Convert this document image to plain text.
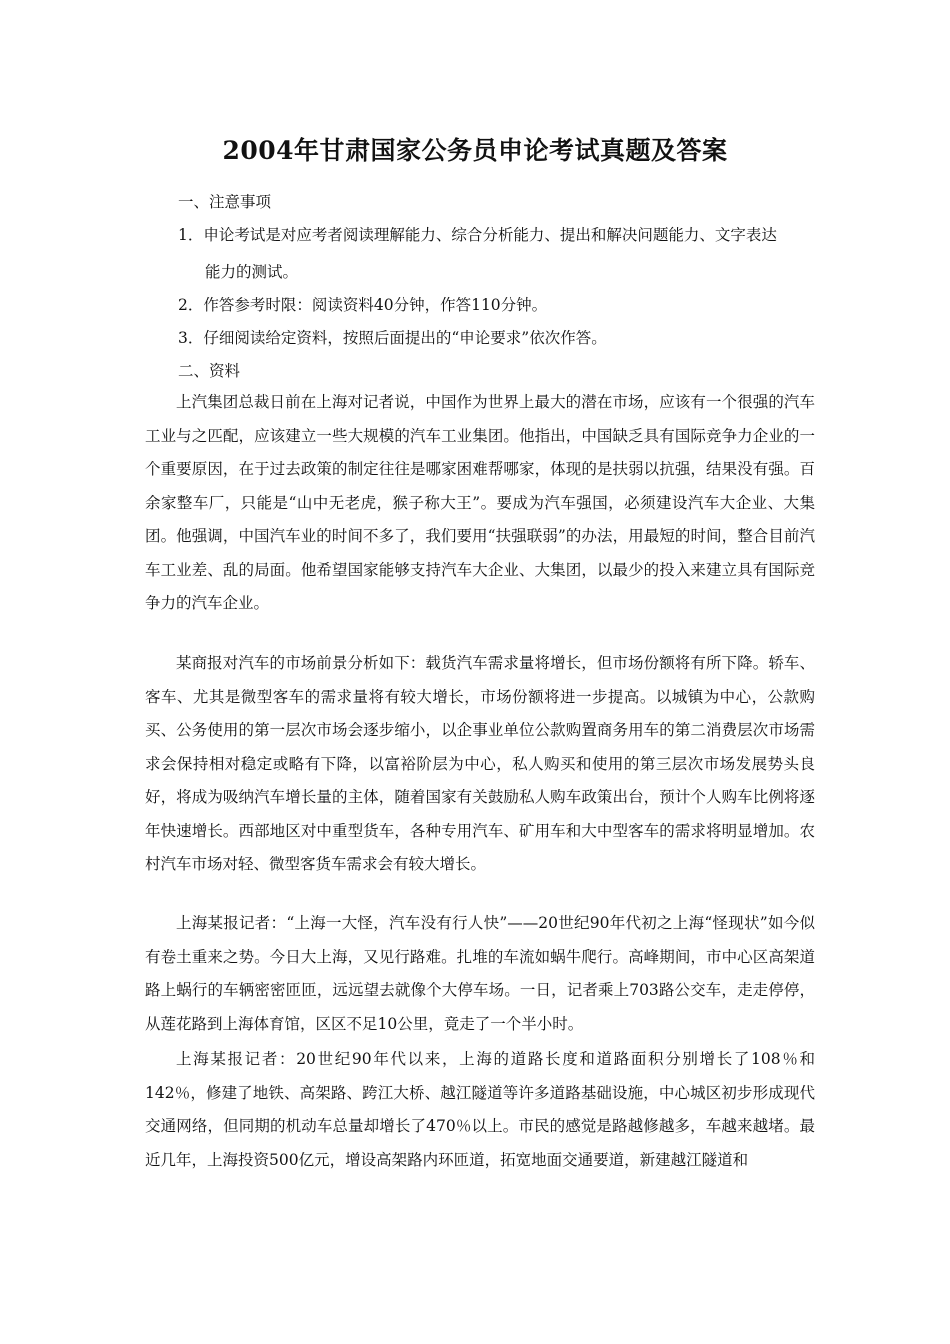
2004年甘肃国家公务员申论考试真题及答案

一、注意事项

1．申论考试是对应考者阅读理解能力、综合分析能力、提出和解决问题能力、文字表达

能力的测试。

2．作答参考时限：阅读资料40分钟，作答110分钟。

3．仔细阅读给定资料，按照后面提出的“申论要求”依次作答。

二、资料

上汽集团总裁日前在上海对记者说，中国作为世界上最大的潜在市场，应该有一个很强的汽车工业与之匹配，应该建立一些大规模的汽车工业集团。他指出，中国缺乏具有国际竞争力企业的一个重要原因，在于过去政策的制定往往是哪家困难帮哪家，体现的是扶弱以抗强，结果没有强。百余家整车厂，只能是“山中无老虎，猴子称大王”。要成为汽车强国，必须建设汽车大企业、大集团。他强调，中国汽车业的时间不多了，我们要用“扶强联弱”的办法，用最短的时间，整合目前汽车工业差、乱的局面。他希望国家能够支持汽车大企业、大集团，以最少的投入来建立具有国际竞争力的汽车企业。

某商报对汽车的市场前景分析如下：载货汽车需求量将增长，但市场份额将有所下降。轿车、客车、尤其是微型客车的需求量将有较大增长，市场份额将进一步提高。以城镇为中心，公款购买、公务使用的第一层次市场会逐步缩小，以企事业单位公款购置商务用车的第二消费层次市场需求会保持相对稳定或略有下降，以富裕阶层为中心，私人购买和使用的第三层次市场发展势头良好，将成为吸纳汽车增长量的主体，随着国家有关鼓励私人购车政策出台，预计个人购车比例将逐年快速增长。西部地区对中重型货车，各种专用汽车、矿用车和大中型客车的需求将明显增加。农村汽车市场对轻、微型客货车需求会有较大增长。

上海某报记者：“上海一大怪，汽车没有行人快”——20世纪90年代初之上海“怪现状”如今似有卷土重来之势。今日大上海，又见行路难。扎堆的车流如蜗牛爬行。高峰期间，市中心区高架道路上蜗行的车辆密密匝匝，远远望去就像个大停车场。一日，记者乘上703路公交车，走走停停，从莲花路到上海体育馆，区区不足10公里，竟走了一个半小时。

上海某报记者：20世纪90年代以来，上海的道路长度和道路面积分别增长了108％和142％，修建了地铁、高架路、跨江大桥、越江隧道等许多道路基础设施，中心城区初步形成现代交通网络，但同期的机动车总量却增长了470％以上。市民的感觉是路越修越多，车越来越堵。最近几年，上海投资500亿元，增设高架路内环匝道，拓宽地面交通要道，新建越江隧道和
